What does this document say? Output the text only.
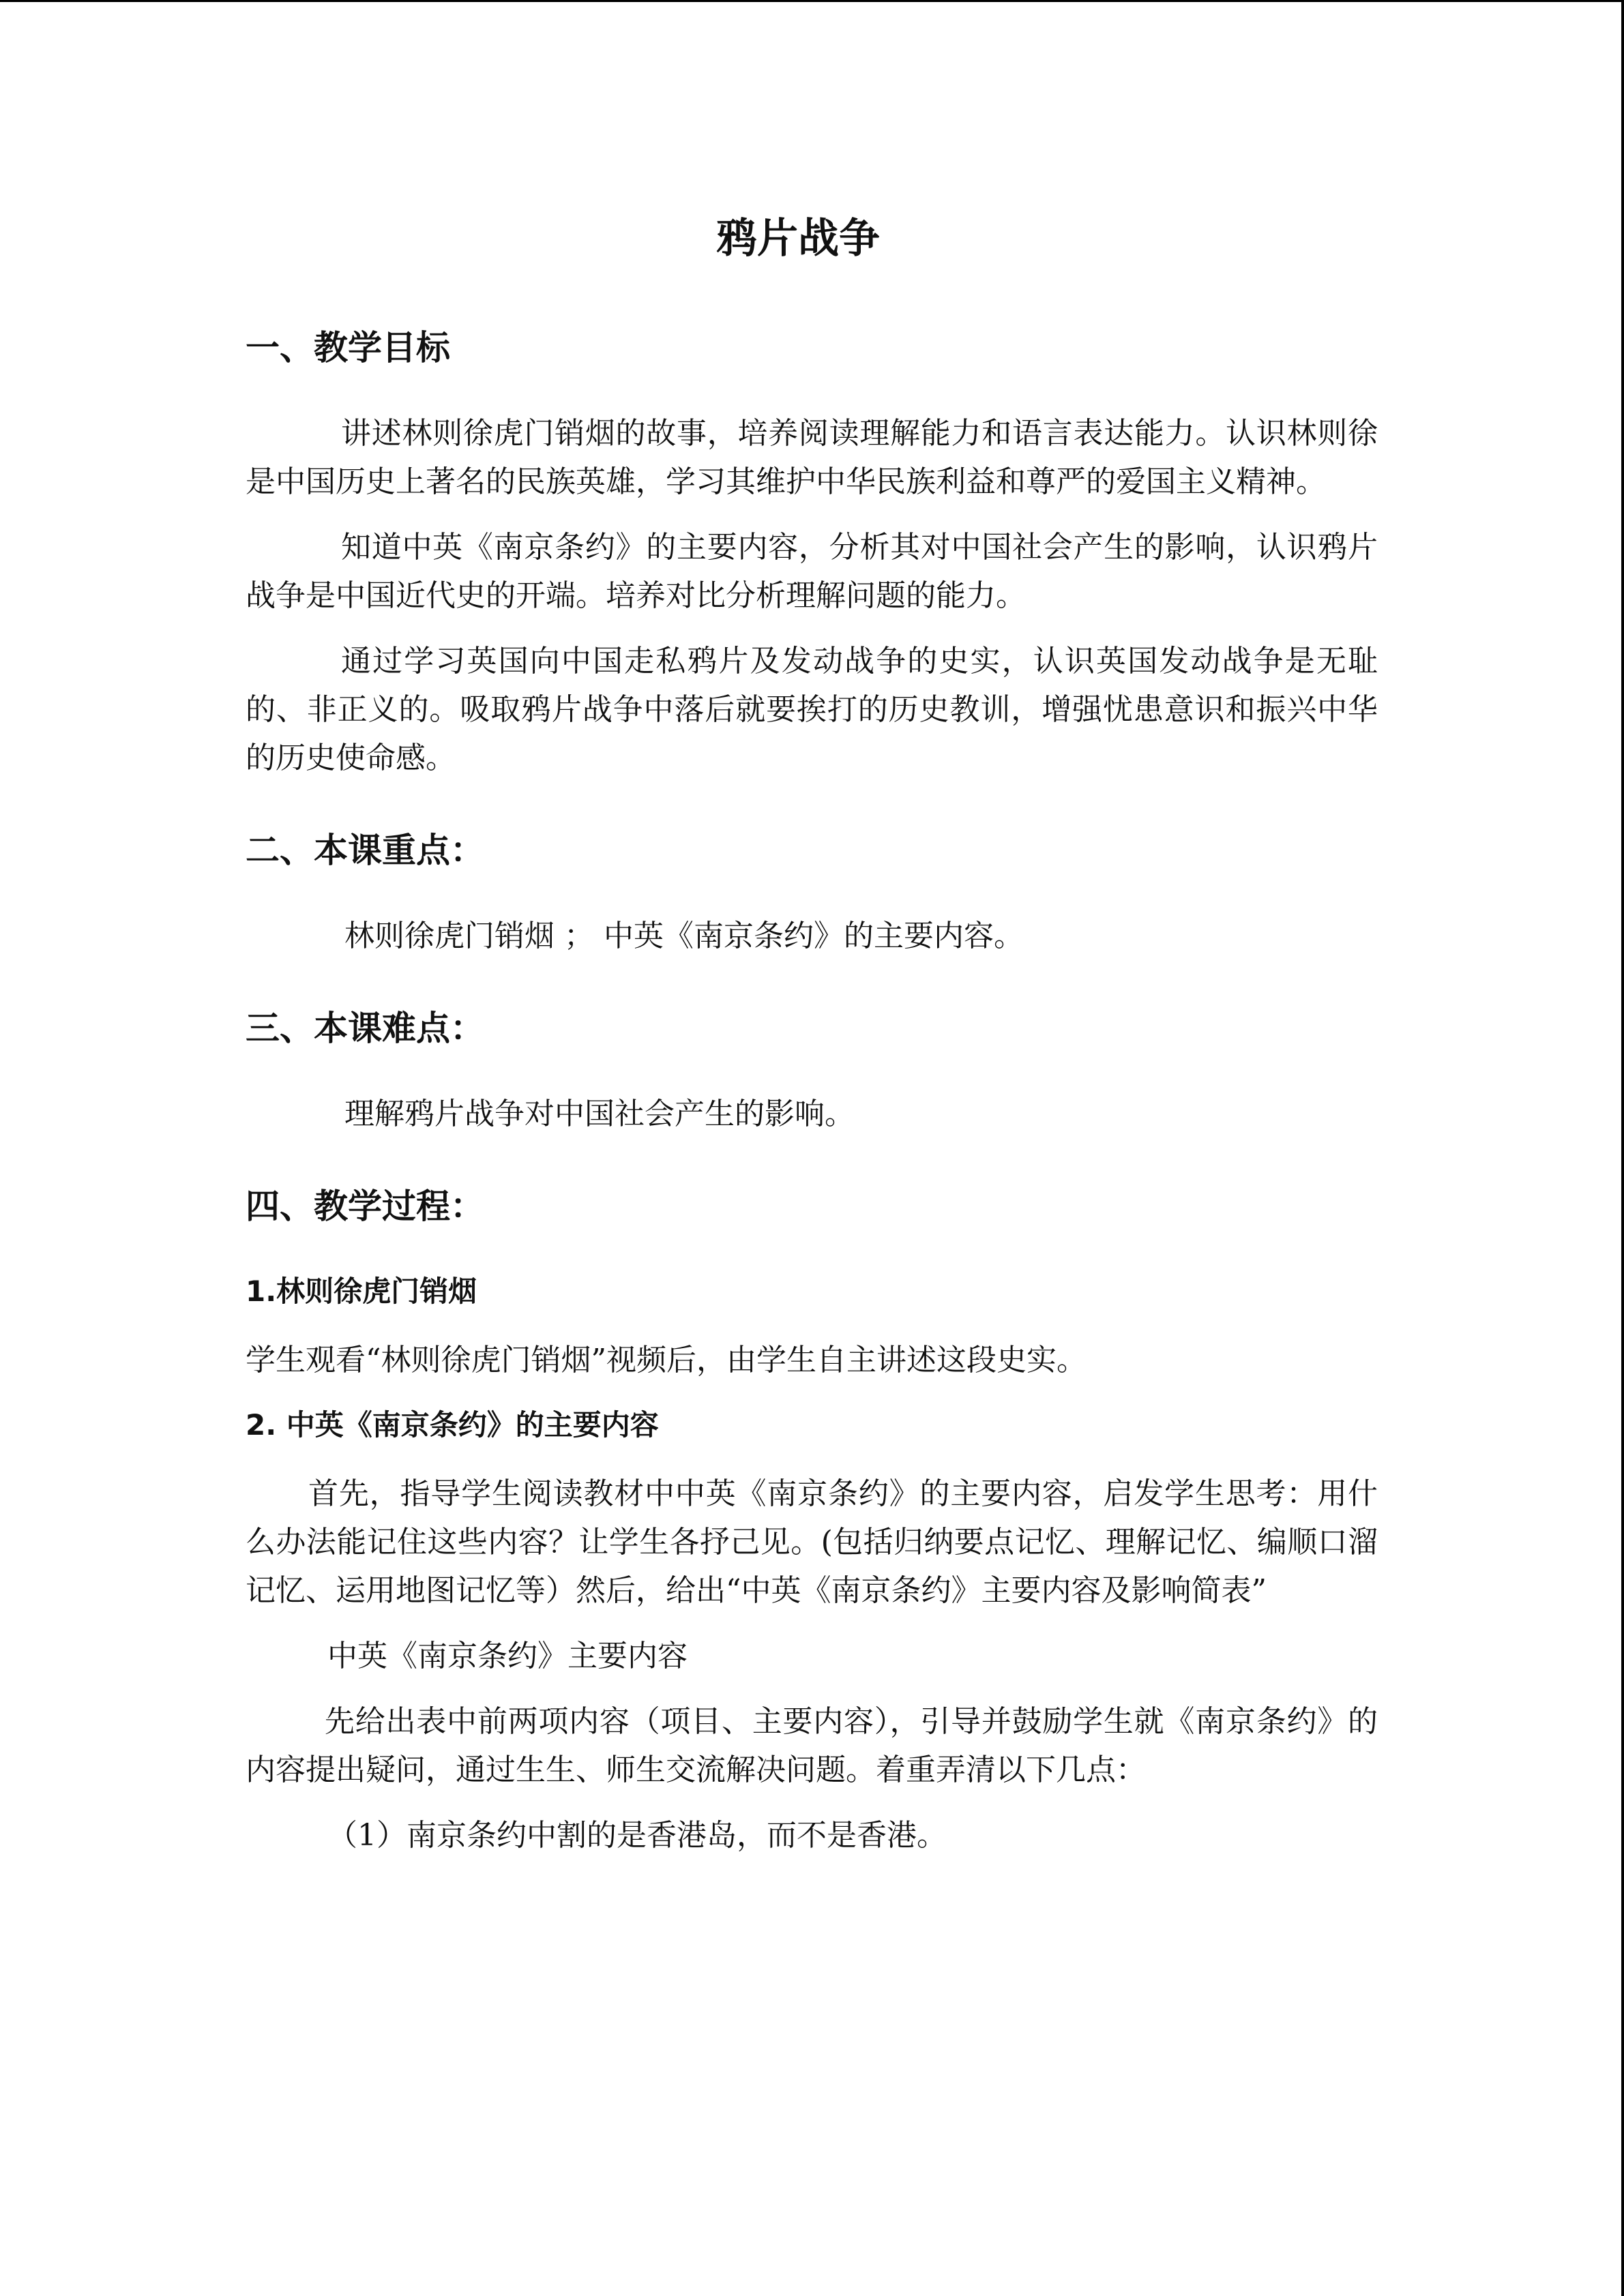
鸦片战争
一、教学目标

讲述林则徐虎门销烟的故事，培养阅读理解能力和语言表达能力。认识林则徐是中国历史上著名的民族英雄，学习其维护中华民族利益和尊严的爱国主义精神。

知道中英《南京条约》的主要内容，分析其对中国社会产生的影响，认识鸦片战争是中国近代史的开端。培养对比分析理解问题的能力。

通过学习英国向中国走私鸦片及发动战争的史实，认识英国发动战争是无耻的、非正义的。吸取鸦片战争中落后就要挨打的历史教训，增强忧患意识和振兴中华的历史使命感。

二、本课重点：

林则徐虎门销烟 ； 中英《南京条约》的主要内容。

三、本课难点：

理解鸦片战争对中国社会产生的影响。

四、教学过程：
1.林则徐虎门销烟

学生观看“林则徐虎门销烟”视频后，由学生自主讲述这段史实。

2. 中英《南京条约》的主要内容

首先，指导学生阅读教材中中英《南京条约》的主要内容，启发学生思考：用什么办法能记住这些内容？让学生各抒己见。(包括归纳要点记忆、理解记忆、编顺口溜记忆、运用地图记忆等）然后，给出“中英《南京条约》主要内容及影响简表”

中英《南京条约》主要内容

先给出表中前两项内容（项目、主要内容），引导并鼓励学生就《南京条约》的内容提出疑问，通过生生、师生交流解决问题。着重弄清以下几点：

（1）南京条约中割的是香港岛，而不是香港。
